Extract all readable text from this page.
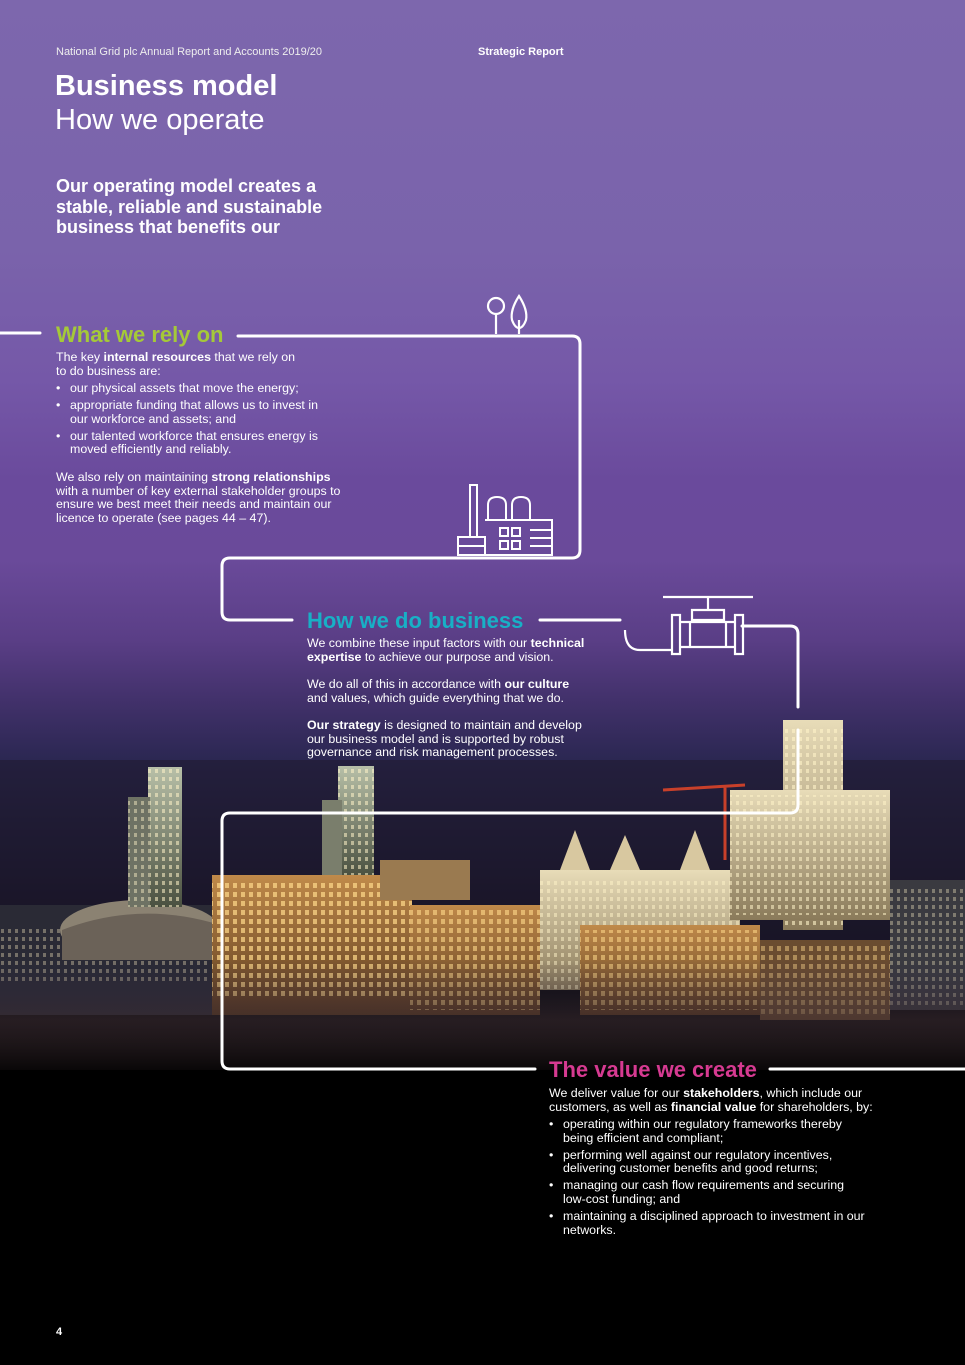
National Grid plc Annual Report and Accounts 2019/20	Strategic Report
Business model
How we operate

Our operating model creates a stable, reliable and sustainable business that benefits our

What we rely on

The key internal resources that we rely on to do business are:

• our physical assets that move the energy;
• appropriate funding that allows us to invest in our workforce and assets; and
• our talented workforce that ensures energy is moved efficiently and reliably.

We also rely on maintaining strong relationships with a number of key external stakeholder groups to ensure we best meet their needs and maintain our licence to operate (see pages 44 – 47).

How we do business

We combine these input factors with our technical expertise to achieve our purpose and vision.

We do all of this in accordance with our culture and values, which guide everything that we do.

Our strategy is designed to maintain and develop our business model and is supported by robust governance and risk management processes.

The value we create

We deliver value for our stakeholders, which include our customers, as well as financial value for shareholders, by:

• operating within our regulatory frameworks thereby being efficient and compliant;
• performing well against our regulatory incentives, delivering customer benefits and good returns;
• managing our cash flow requirements and securing low-cost funding; and
• maintaining a disciplined approach to investment in our networks.
4
